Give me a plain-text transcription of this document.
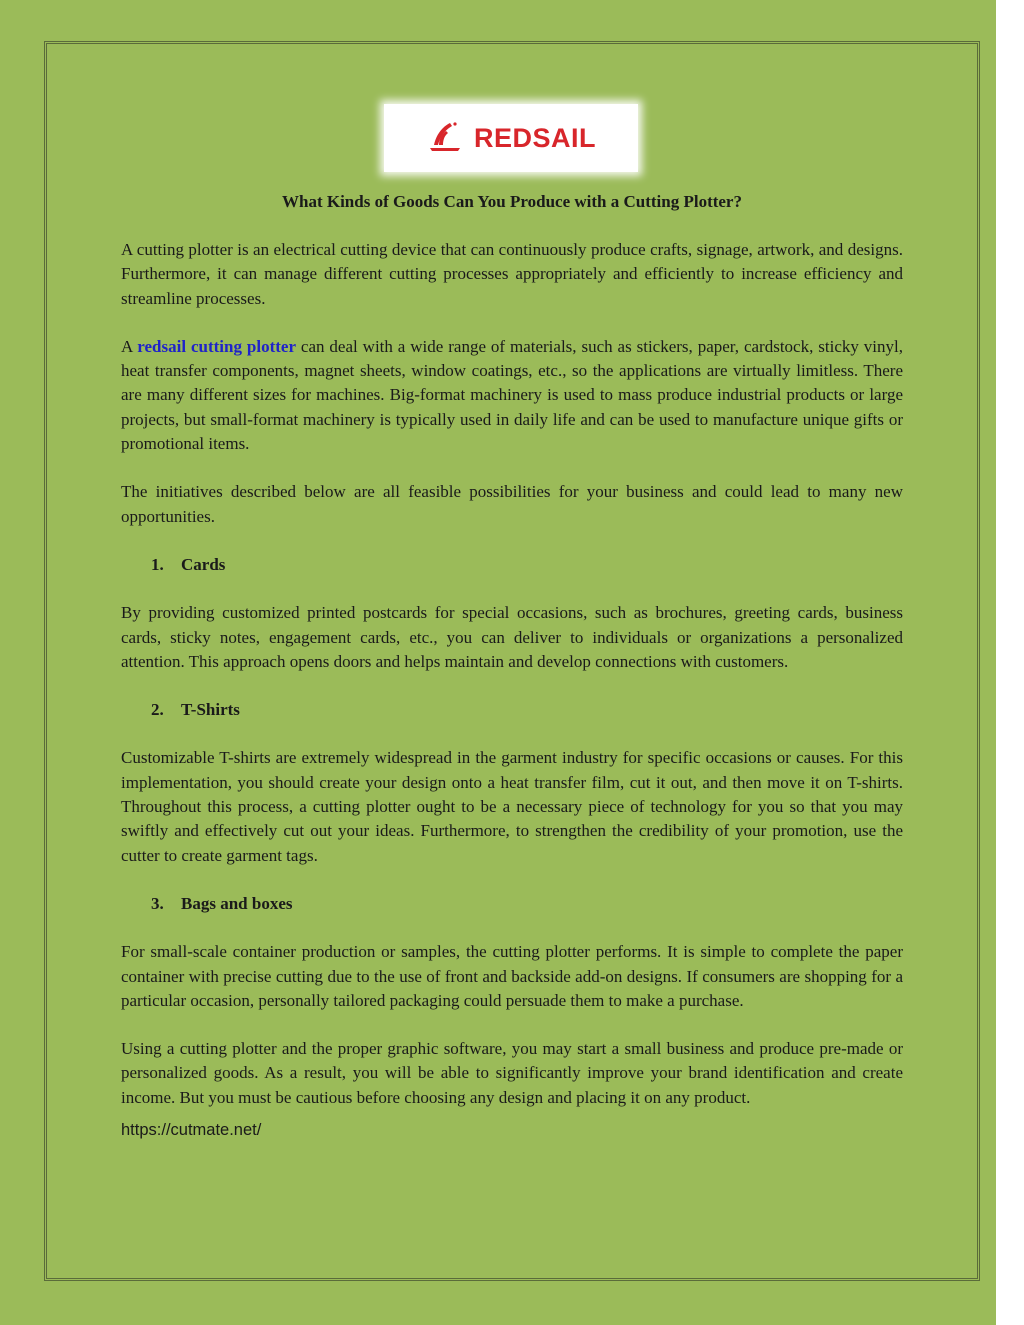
REDSAIL
What Kinds of Goods Can You Produce with a Cutting Plotter?

A cutting plotter is an electrical cutting device that can continuously produce crafts, signage, artwork, and designs. Furthermore, it can manage different cutting processes appropriately and efficiently to increase efficiency and streamline processes.

A redsail cutting plotter can deal with a wide range of materials, such as stickers, paper, cardstock, sticky vinyl, heat transfer components, magnet sheets, window coatings, etc., so the applications are virtually limitless. There are many different sizes for machines. Big-format machinery is used to mass produce industrial products or large projects, but small-format machinery is typically used in daily life and can be used to manufacture unique gifts or promotional items.

The initiatives described below are all feasible possibilities for your business and could lead to many new opportunities.

1. Cards

By providing customized printed postcards for special occasions, such as brochures, greeting cards, business cards, sticky notes, engagement cards, etc., you can deliver to individuals or organizations a personalized attention. This approach opens doors and helps maintain and develop connections with customers.

2. T-Shirts

Customizable T-shirts are extremely widespread in the garment industry for specific occasions or causes. For this implementation, you should create your design onto a heat transfer film, cut it out, and then move it on T-shirts. Throughout this process, a cutting plotter ought to be a necessary piece of technology for you so that you may swiftly and effectively cut out your ideas. Furthermore, to strengthen the credibility of your promotion, use the cutter to create garment tags.

3. Bags and boxes

For small-scale container production or samples, the cutting plotter performs. It is simple to complete the paper container with precise cutting due to the use of front and backside add-on designs. If consumers are shopping for a particular occasion, personally tailored packaging could persuade them to make a purchase.

Using a cutting plotter and the proper graphic software, you may start a small business and produce pre-made or personalized goods. As a result, you will be able to significantly improve your brand identification and create income. But you must be cautious before choosing any design and placing it on any product.

https://cutmate.net/
